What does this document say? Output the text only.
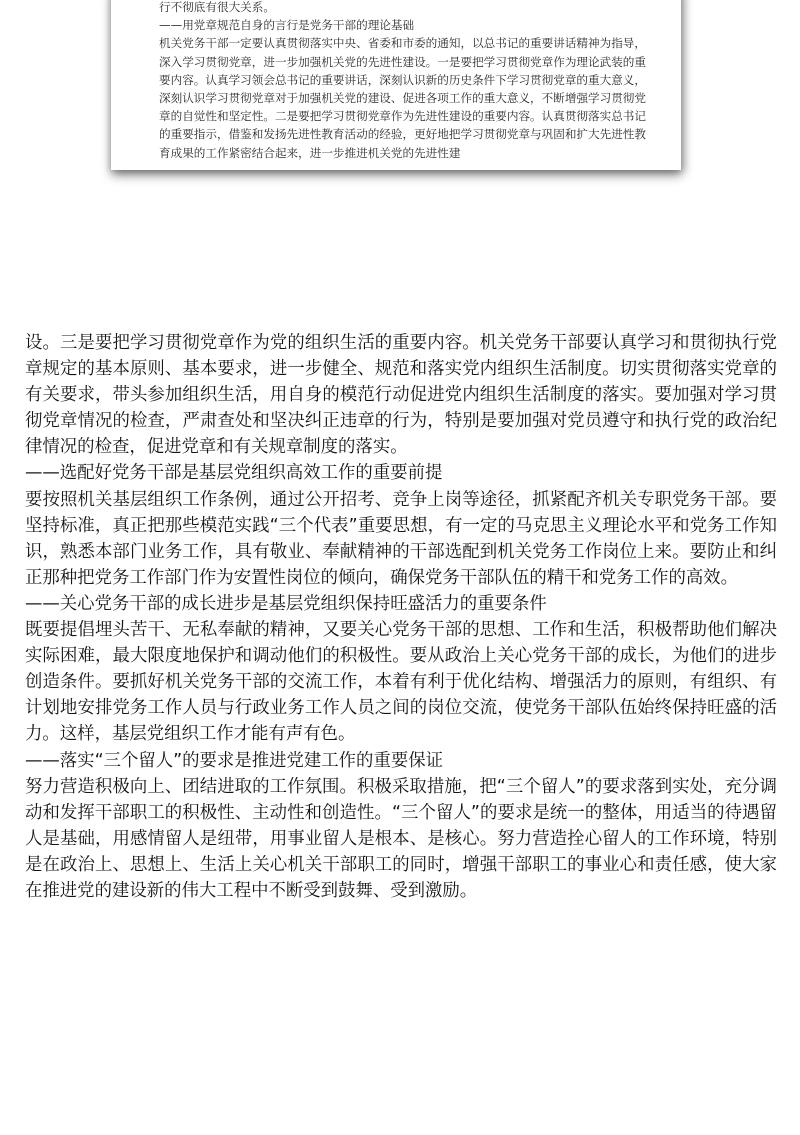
行不彻底有很大关系。

——用党章规范自身的言行是党务干部的理论基础

机关党务干部一定要认真贯彻落实中央、省委和市委的通知，以总书记的重要讲话精神为指导，深入学习贯彻党章，进一步加强机关党的先进性建设。一是要把学习贯彻党章作为理论武装的重要内容。认真学习领会总书记的重要讲话，深刻认识新的历史条件下学习贯彻党章的重大意义，深刻认识学习贯彻党章对于加强机关党的建设、促进各项工作的重大意义，不断增强学习贯彻党章的自觉性和坚定性。二是要把学习贯彻党章作为先进性建设的重要内容。认真贯彻落实总书记的重要指示，借鉴和发扬先进性教育活动的经验，更好地把学习贯彻党章与巩固和扩大先进性教育成果的工作紧密结合起来，进一步推进机关党的先进性建

设。三是要把学习贯彻党章作为党的组织生活的重要内容。机关党务干部要认真学习和贯彻执行党章规定的基本原则、基本要求，进一步健全、规范和落实党内组织生活制度。切实贯彻落实党章的有关要求，带头参加组织生活，用自身的模范行动促进党内组织生活制度的落实。要加强对学习贯彻党章情况的检查，严肃查处和坚决纠正违章的行为，特别是要加强对党员遵守和执行党的政治纪律情况的检查，促进党章和有关规章制度的落实。

——选配好党务干部是基层党组织高效工作的重要前提

要按照机关基层组织工作条例，通过公开招考、竞争上岗等途径，抓紧配齐机关专职党务干部。要坚持标准，真正把那些模范实践“三个代表”重要思想，有一定的马克思主义理论水平和党务工作知识，熟悉本部门业务工作，具有敬业、奉献精神的干部选配到机关党务工作岗位上来。要防止和纠正那种把党务工作部门作为安置性岗位的倾向，确保党务干部队伍的精干和党务工作的高效。

——关心党务干部的成长进步是基层党组织保持旺盛活力的重要条件

既要提倡埋头苦干、无私奉献的精神，又要关心党务干部的思想、工作和生活，积极帮助他们解决实际困难，最大限度地保护和调动他们的积极性。要从政治上关心党务干部的成长，为他们的进步创造条件。要抓好机关党务干部的交流工作，本着有利于优化结构、增强活力的原则，有组织、有计划地安排党务工作人员与行政业务工作人员之间的岗位交流，使党务干部队伍始终保持旺盛的活力。这样，基层党组织工作才能有声有色。

——落实“三个留人”的要求是推进党建工作的重要保证

努力营造积极向上、团结进取的工作氛围。积极采取措施，把“三个留人”的要求落到实处，充分调动和发挥干部职工的积极性、主动性和创造性。“三个留人”的要求是统一的整体，用适当的待遇留人是基础，用感情留人是纽带，用事业留人是根本、是核心。努力营造拴心留人的工作环境，特别是在政治上、思想上、生活上关心机关干部职工的同时，增强干部职工的事业心和责任感，使大家在推进党的建设新的伟大工程中不断受到鼓舞、受到激励。
